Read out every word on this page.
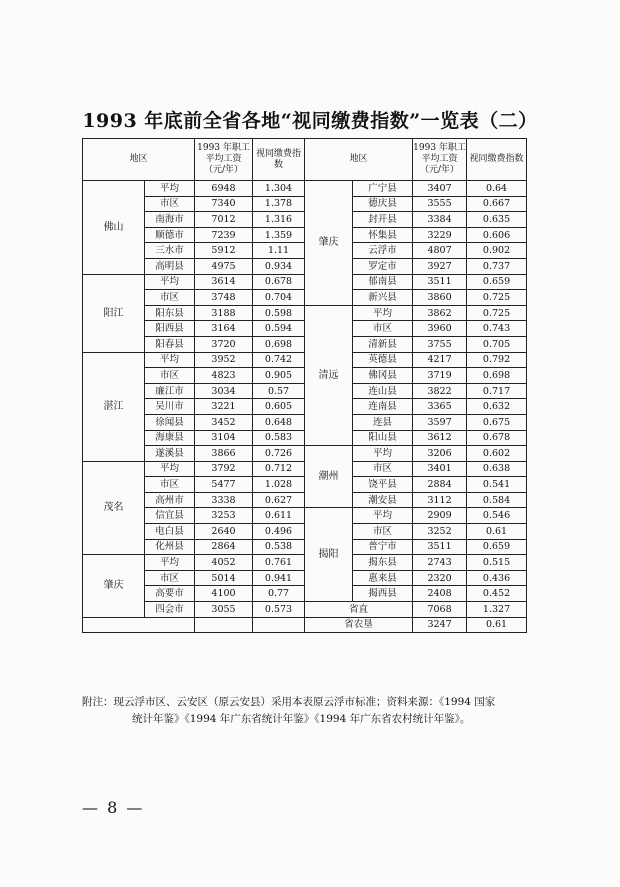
1993 年底前全省各地“视同缴费指数”一览表（二）
地区		1993 年职工平均工资（元/年）	视同缴费指数	地区		1993 年职工平均工资（元/年）	视同缴费指数
佛山	平均	6948	1.304	肇庆	广宁县	3407	0.64
	市区	7340	1.378		德庆县	3555	0.667
	南海市	7012	1.316		封开县	3384	0.635
	顺德市	7239	1.359		怀集县	3229	0.606
	三水市	5912	1.11		云浮市	4807	0.902
	高明县	4975	0.934		罗定市	3927	0.737
阳江	平均	3614	0.678		郁南县	3511	0.659
	市区	3748	0.704		新兴县	3860	0.725
	阳东县	3188	0.598	清远	平均	3862	0.725
	阳西县	3164	0.594		市区	3960	0.743
	阳春县	3720	0.698		清新县	3755	0.705
湛江	平均	3952	0.742		英德县	4217	0.792
	市区	4823	0.905		佛冈县	3719	0.698
	廉江市	3034	0.57		连山县	3822	0.717
	吴川市	3221	0.605		连南县	3365	0.632
	徐闻县	3452	0.648		连县	3597	0.675
	海康县	3104	0.583		阳山县	3612	0.678
	遂溪县	3866	0.726	潮州	平均	3206	0.602
茂名	平均	3792	0.712		市区	3401	0.638
	市区	5477	1.028		饶平县	2884	0.541
	高州市	3338	0.627		潮安县	3112	0.584
	信宜县	3253	0.611	揭阳	平均	2909	0.546
	电白县	2640	0.496		市区	3252	0.61
	化州县	2864	0.538		普宁市	3511	0.659
肇庆	平均	4052	0.761		揭东县	2743	0.515
	市区	5014	0.941		惠来县	2320	0.436
	高要市	4100	0.77		揭西县	2408	0.452
	四会市	3055	0.573	省直		7068	1.327
				省农垦		3247	0.61
附注：现云浮市区、云安区（原云安县）采用本表原云浮市标准；资料来源：《1994 国家
统计年鉴》《1994 年广东省统计年鉴》《1994 年广东省农村统计年鉴》。
— 8 —
